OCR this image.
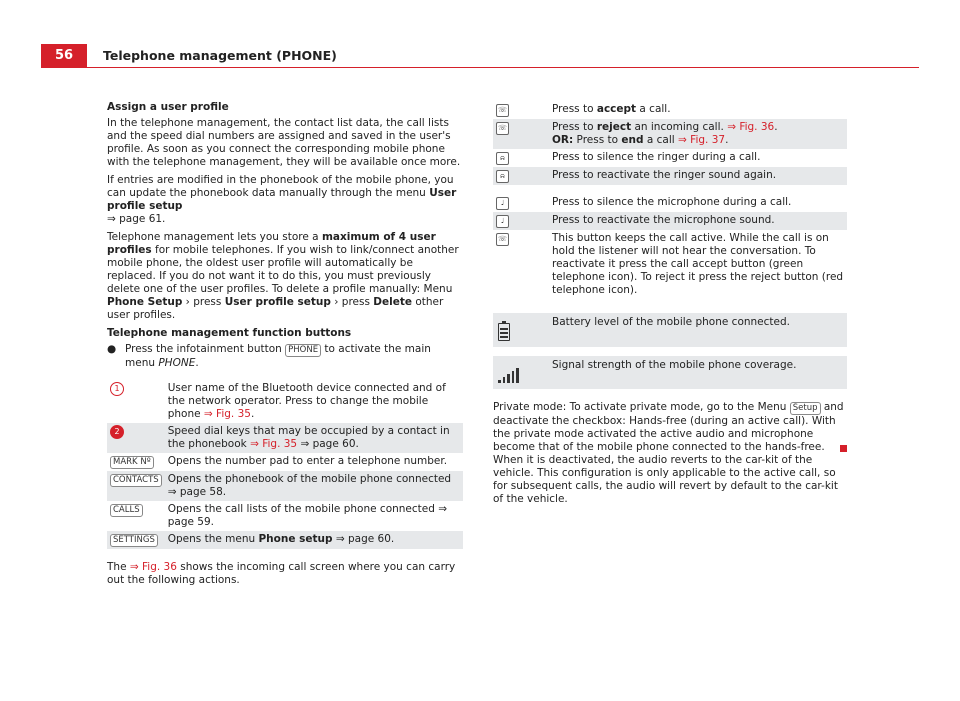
56	Telephone management (PHONE)

Assign a user profile

In the telephone management, the contact list data, the call lists and the speed dial numbers are assigned and saved in the user's profile. As soon as you connect the corresponding mobile phone with the telephone management, they will be available once more.

If entries are modified in the phonebook of the mobile phone, you can update the phonebook data manually through the menu User profile setup
⇒ page 61.

Telephone management lets you store a maximum of 4 user profiles for mobile telephones. If you wish to link/connect another mobile phone, the oldest user profile will automatically be replaced. If you do not want it to do this, you must previously delete one of the user profiles. To delete a profile manually: Menu Phone Setup › press User profile setup › press Delete other user profiles.

Telephone management function buttons

● Press the infotainment button PHONE to activate the main menu PHONE.
1	User name of the Bluetooth device connected and of the network operator. Press to change the mobile phone ⇒ Fig. 35.
2	Speed dial keys that may be occupied by a contact in the phonebook ⇒ Fig. 35 ⇒ page 60.
MARK Nº	Opens the number pad to enter a telephone number.
CONTACTS	Opens the phonebook of the mobile phone connected ⇒ page 58.
CALLS	Opens the call lists of the mobile phone connected ⇒ page 59.
SETTINGS	Opens the menu Phone setup ⇒ page 60.

The ⇒ Fig. 36 shows the incoming call screen where you can carry out the following actions.

☏	Press to accept a call.
☏	Press to reject an incoming call. ⇒ Fig. 36.
OR: Press to end a call ⇒ Fig. 37.
⍾	Press to silence the ringer during a call.
⍾	Press to reactivate the ringer sound again.

♩	Press to silence the microphone during a call.
♩	Press to reactivate the microphone sound.
☏	This button keeps the call active. While the call is on hold the listener will not hear the conversation. To reactivate it press the call accept button (green telephone icon). To reject it press the reject button (red telephone icon).

	Battery level of the mobile phone connected.

	Signal strength of the mobile phone coverage.

Private mode: To activate private mode, go to the Menu Setup and deactivate the checkbox: Hands-free (during an active call). With the private mode activated the active audio and microphone become that of the mobile phone connected to the hands-free. When it is deactivated, the audio reverts to the car-kit of the vehicle. This configuration is only applicable to the active call, so for subsequent calls, the audio will revert by default to the car-kit of the vehicle.
